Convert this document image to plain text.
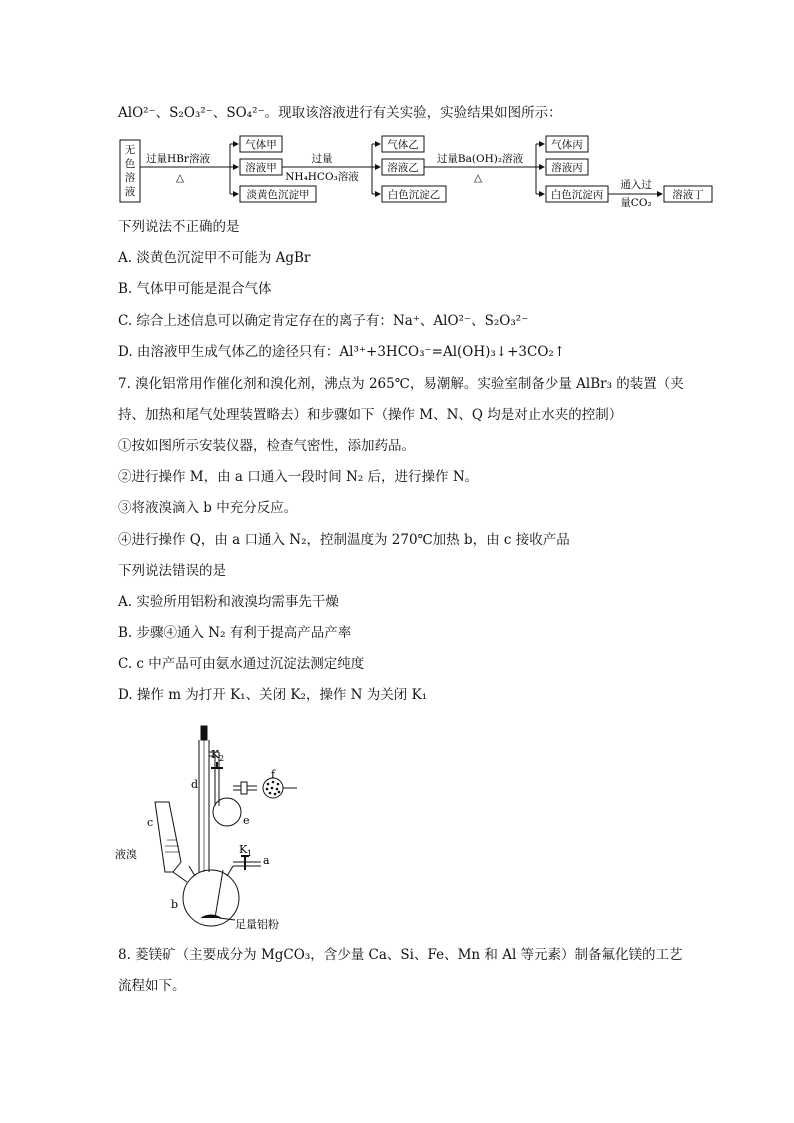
AlO²⁻、S₂O₃²⁻、SO₄²⁻。现取该溶液进行有关实验，实验结果如图所示：
无
色
溶
液
过量HBr溶液
△
气体甲
溶液甲
淡黄色沉淀甲
过量
NH₄HCO₃溶液
气体乙
溶液乙
白色沉淀乙
过量Ba(OH)₂溶液
△
气体丙
溶液丙
白色沉淀丙
通入过
量CO₂
溶液丁
下列说法不正确的是
A. 淡黄色沉淀甲不可能为 AgBr
B. 气体甲可能是混合气体
C. 综合上述信息可以确定肯定存在的离子有：Na⁺、AlO²⁻、S₂O₃²⁻
D. 由溶液甲生成气体乙的途径只有：Al³⁺+3HCO₃⁻=Al(OH)₃↓+3CO₂↑
7. 溴化铝常用作催化剂和溴化剂，沸点为 265℃，易潮解。实验室制备少量 AlBr₃ 的装置（夹
持、加热和尾气处理装置略去）和步骤如下（操作 M、N、Q 均是对止水夹的控制）
①按如图所示安装仪器，检查气密性，添加药品。
②进行操作 M，由 a 口通入一段时间 N₂ 后，进行操作 N。
③将液溴滴入 b 中充分反应。
④进行操作 Q，由 a 口通入 N₂，控制温度为 270℃加热 b，由 c 接收产品
下列说法错误的是
A. 实验所用铝粉和液溴均需事先干燥
B. 步骤④通入 N₂ 有利于提高产品产率
C. c 中产品可由氨水通过沉淀法测定纯度
D. 操作 m 为打开 K₁、关闭 K₂，操作 N 为关闭 K₁
d
K 2
f
e
c
液溴	K 1
a
b
足量铝粉
8. 菱镁矿（主要成分为 MgCO₃，含少量 Ca、Si、Fe、Mn 和 Al 等元素）制备氟化镁的工艺
流程如下。
